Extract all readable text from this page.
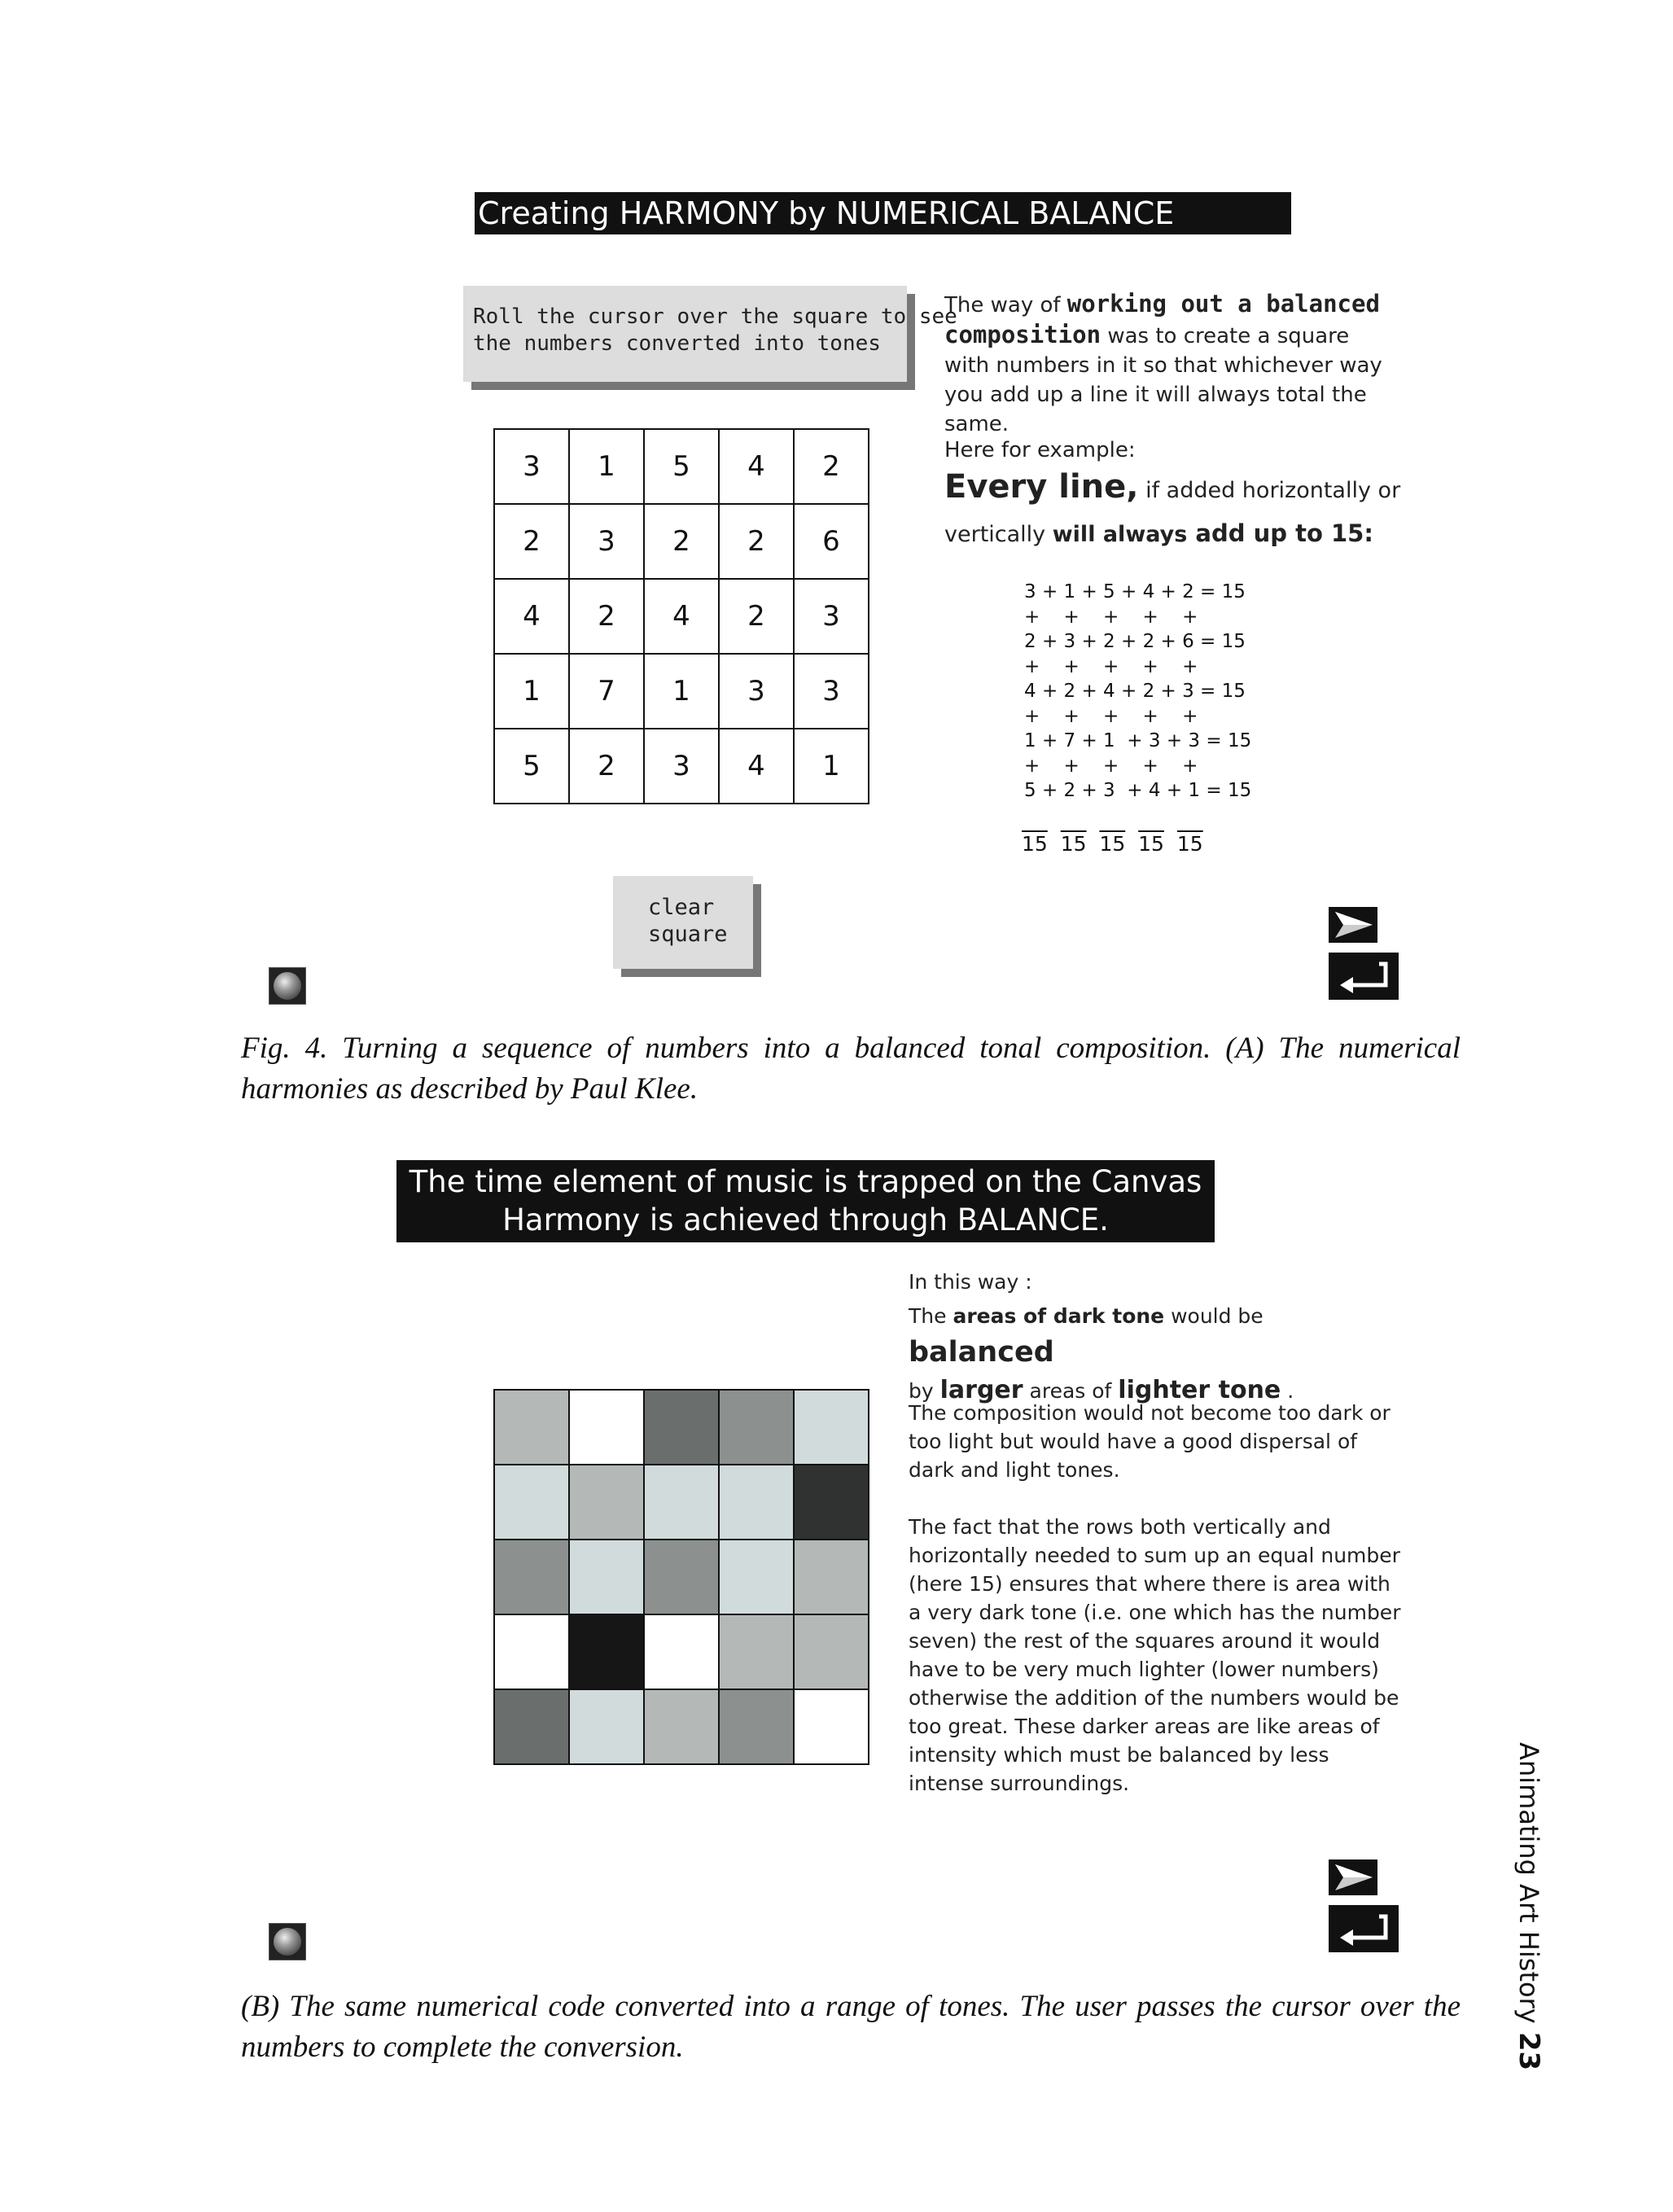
Creating HARMONY by NUMERICAL BALANCE
Roll the cursor over the square to see
the numbers converted into tones
3	1	5	4	2
2	3	2	2	6
4	2	4	2	3
1	7	1	3	3
5	2	3	4	1
The way of working out a balanced composition was to create a square with numbers in it so that whichever way you add up a line it will always total the same.
Here for example:
Every line, if added horizontally or vertically will always add up to 15:
3 + 1 + 5 + 4 + 2 = 15
+    +    +    +    +
2 + 3 + 2 + 2 + 6 = 15
+    +    +    +    +
4 + 2 + 4 + 2 + 3 = 15
+    +    +    +    +
1 + 7 + 1  + 3 + 3 = 15
+    +    +    +    +
5 + 2 + 3  + 4 + 1 = 15
15 15 15 15 15
clear
square
Fig. 4. Turning a sequence of numbers into a balanced tonal composition. (A) The numerical harmonies as described by Paul Klee.
The time element of music is trapped on the Canvas
Harmony is achieved through BALANCE.

In this way :
The areas of dark tone would be balanced
by larger areas of lighter tone .
The composition would not become too dark or too light but would have a good dispersal of dark and light tones.
The fact that the rows both vertically and horizontally needed to sum up an equal number (here 15) ensures that where there is area with a very dark tone (i.e. one which has the number seven) the rest of the squares around it would have to be very much lighter (lower numbers) otherwise the addition of the numbers would be too great. These darker areas are like areas of intensity which must be balanced by less intense surroundings.
(B) The same numerical code converted into a range of tones. The user passes the cursor over the numbers to complete the conversion.
Animating Art History 23
